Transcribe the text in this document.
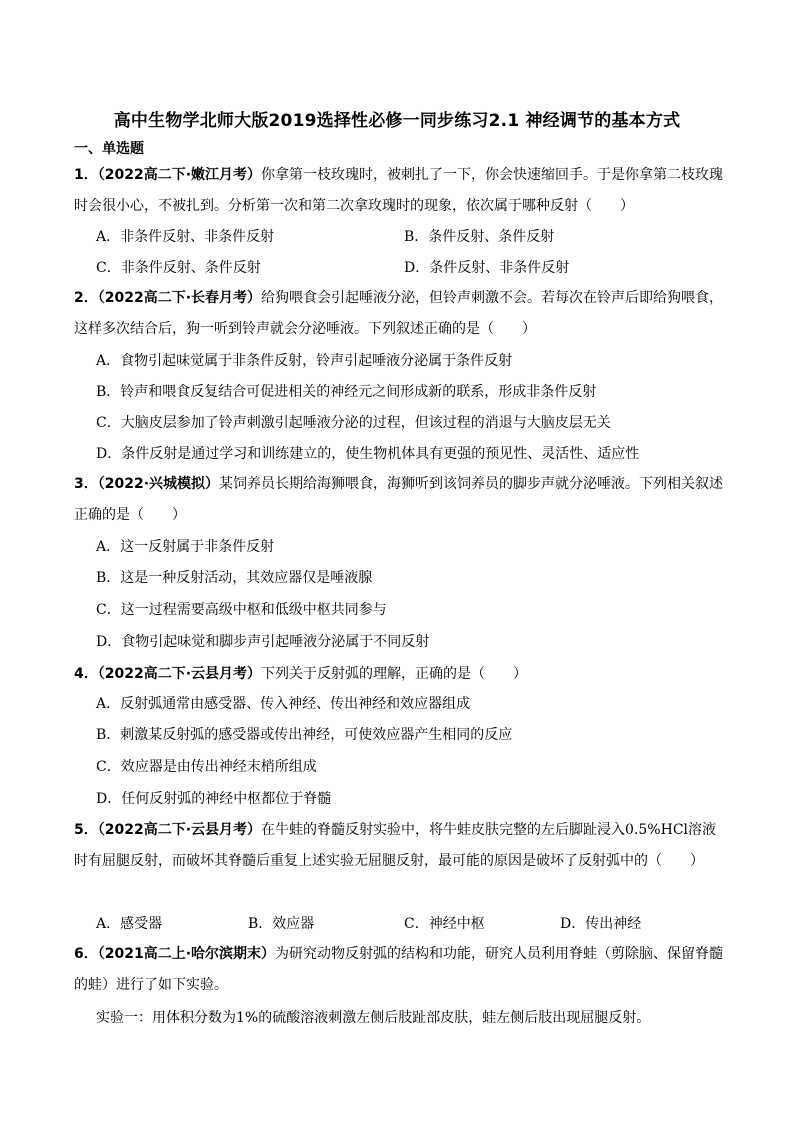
高中生物学北师大版2019选择性必修一同步练习2.1 神经调节的基本方式
一、单选题
1．（2022高二下·嫩江月考）你拿第一枝玫瑰时，被刺扎了一下，你会快速缩回手。于是你拿第二枝玫瑰时会很小心，不被扎到。分析第一次和第二次拿玫瑰时的现象，依次属于哪种反射（　　）
A．非条件反射、非条件反射	B．条件反射、条件反射
C．非条件反射、条件反射	D．条件反射、非条件反射
2．（2022高二下·长春月考）给狗喂食会引起唾液分泌，但铃声刺激不会。若每次在铃声后即给狗喂食，这样多次结合后，狗一听到铃声就会分泌唾液。下列叙述正确的是（　　）
A．食物引起味觉属于非条件反射，铃声引起唾液分泌属于条件反射
B．铃声和喂食反复结合可促进相关的神经元之间形成新的联系，形成非条件反射
C．大脑皮层参加了铃声刺激引起唾液分泌的过程，但该过程的消退与大脑皮层无关
D．条件反射是通过学习和训练建立的，使生物机体具有更强的预见性、灵活性、适应性
3．（2022·兴城模拟）某饲养员长期给海狮喂食，海狮听到该饲养员的脚步声就分泌唾液。下列相关叙述正确的是（　　）
A．这一反射属于非条件反射
B．这是一种反射活动，其效应器仅是唾液腺
C．这一过程需要高级中枢和低级中枢共同参与
D．食物引起味觉和脚步声引起唾液分泌属于不同反射
4．（2022高二下·云县月考）下列关于反射弧的理解，正确的是（　　）
A．反射弧通常由感受器、传入神经、传出神经和效应器组成
B．刺激某反射弧的感受器或传出神经，可使效应器产生相同的反应
C．效应器是由传出神经末梢所组成
D．任何反射弧的神经中枢都位于脊髓
5．（2022高二下·云县月考）在牛蛙的脊髓反射实验中，将牛蛙皮肤完整的左后脚趾浸入0.5%HCl溶液时有屈腿反射，而破坏其脊髓后重复上述实验无屈腿反射，最可能的原因是破坏了反射弧中的（　　）
A．感受器	B．效应器	C．神经中枢	D．传出神经
6．（2021高二上·哈尔滨期末）为研究动物反射弧的结构和功能，研究人员利用脊蛙（剪除脑、保留脊髓的蛙）进行了如下实验。
实验一：用体积分数为1%的硫酸溶液刺激左侧后肢趾部皮肤，蛙左侧后肢出现屈腿反射。
